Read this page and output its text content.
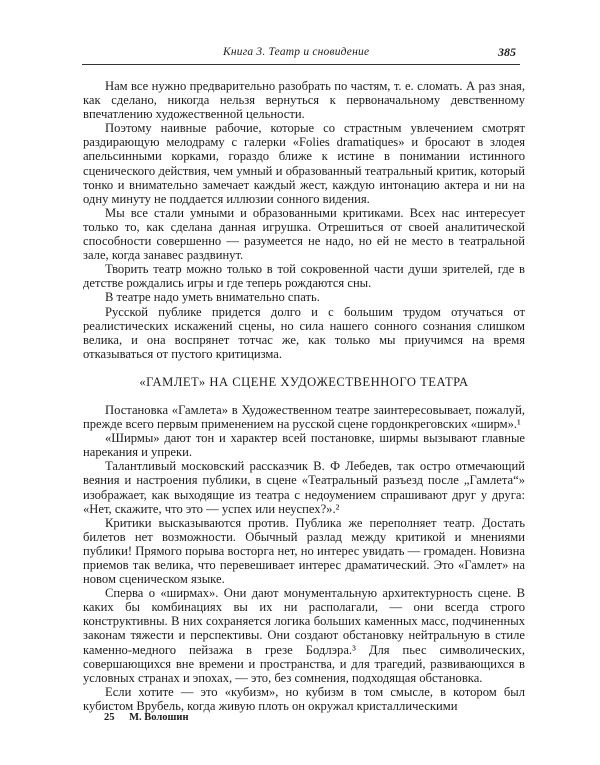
Книга 3. Театр и сновидение	385

Нам все нужно предварительно разобрать по частям, т. е. сломать. А раз зная, как сделано, никогда нельзя вернуться к первоначальному девственному впечатлению художественной цельности.

Поэтому наивные рабочие, которые со страстным увлечением смотрят раздирающую мелодраму с галерки «Folies dramatiques» и бросают в злодея апельсинными корками, гораздо ближе к истине в понимании истинного сценического действия, чем умный и образованный театральный критик, который тонко и внимательно замечает каждый жест, каждую интонацию актера и ни на одну минуту не поддается иллюзии сонного видения.

Мы все стали умными и образованными критиками. Всех нас интересует только то, как сделана данная игрушка. Отрешиться от своей аналитической способности совершенно — разумеется не надо, но ей не место в театральной зале, когда занавес раздвинут.

Творить театр можно только в той сокровенной части души зрителей, где в детстве рождались игры и где теперь рождаются сны.

В театре надо уметь внимательно спать.

Русской публике придется долго и с большим трудом отучаться от реалистических искажений сцены, но сила нашего сонного сознания слишком велика, и она воспрянет тотчас же, как только мы приучимся на время отказываться от пустого критицизма.

«ГАМЛЕТ» НА СЦЕНЕ ХУДОЖЕСТВЕННОГО ТЕАТРА

Постановка «Гамлета» в Художественном театре заинтересовывает, пожалуй, прежде всего первым применением на русской сцене гордонкреговских «ширм».¹

«Ширмы» дают тон и характер всей постановке, ширмы вызывают главные нарекания и упреки.

Талантливый московский рассказчик В. Ф Лебедев, так остро отмечающий веяния и настроения публики, в сцене «Театральный разъезд после „Гамлета“» изображает, как выходящие из театра с недоумением спрашивают друг у друга: «Нет, скажите, что это — успех или неуспех?».²

Критики высказываются против. Публика же переполняет театр. Достать билетов нет возможности. Обычный разлад между критикой и мнениями публики! Прямого порыва восторга нет, но интерес увидать — громаден. Новизна приемов так велика, что перевешивает интерес драматический. Это «Гамлет» на новом сценическом языке.

Сперва о «ширмах». Они дают монументальную архитектурность сцене. В каких бы комбинациях вы их ни располагали, — они всегда строго конструктивны. В них сохраняется логика больших каменных масс, подчиненных законам тяжести и перспективы. Они создают обстановку нейтральную в стиле каменно-медного пейзажа в грезе Бодлэра.³ Для пьес символических, совершающихся вне времени и пространства, и для трагедий, развивающихся в условных странах и эпохах, — это, без сомнения, подходящая обстановка.

Если хотите — это «кубизм», но кубизм в том смысле, в котором был кубистом Врубель, когда живую плоть он окружал кристаллическими

25 М. Волошин
